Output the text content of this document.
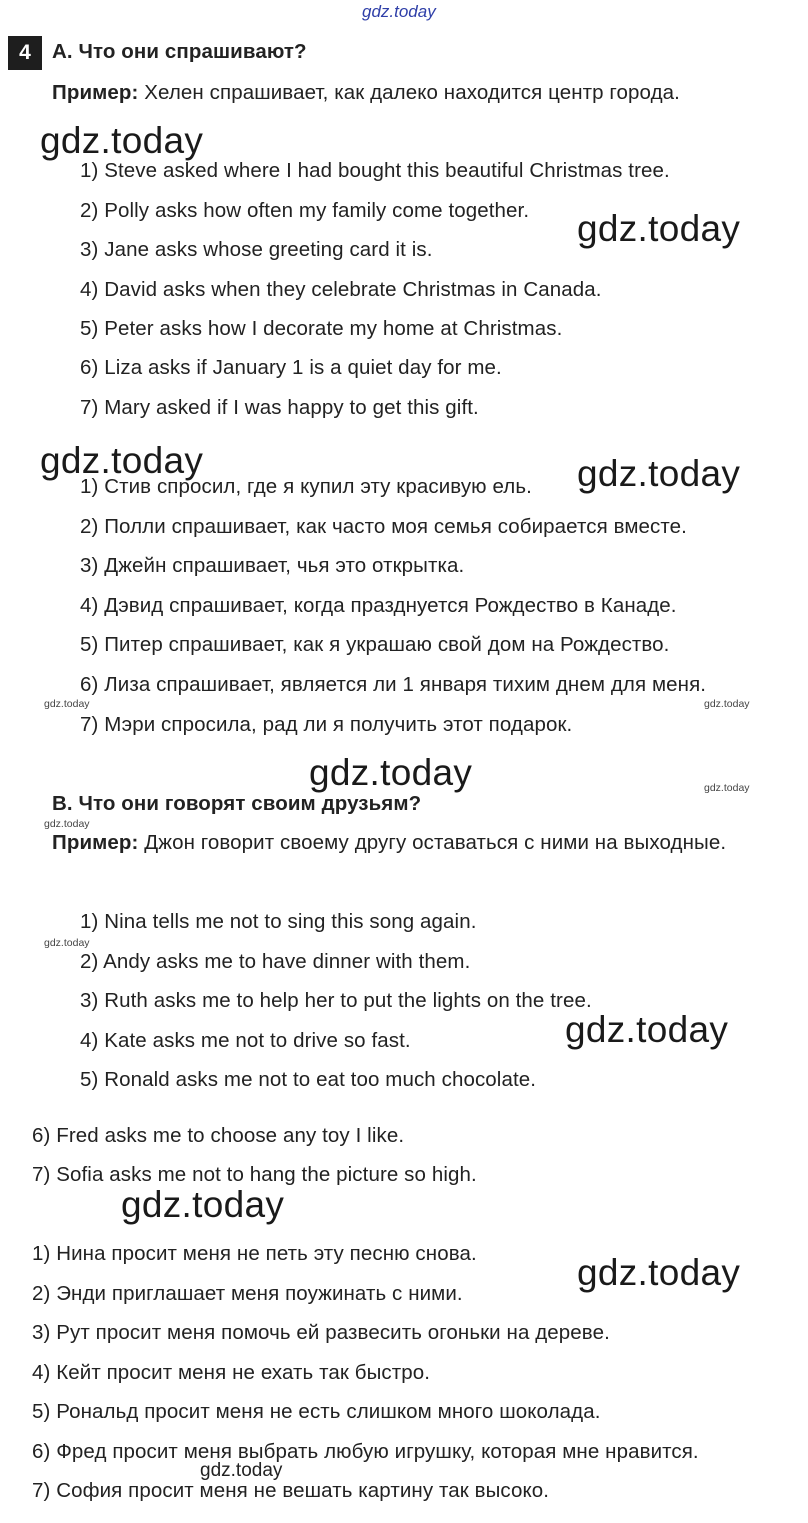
gdz.today
4	A. Что они спрашивают?
Пример: Хелен спрашивает, как далеко находится центр города.
1) Steve asked where I had bought this beautiful Christmas tree.
2) Polly asks how often my family come together.
3) Jane asks whose greeting card it is.
4) David asks when they celebrate Christmas in Canada.
5) Peter asks how I decorate my home at Christmas.
6) Liza asks if January 1 is a quiet day for me.
7) Mary asked if I was happy to get this gift.
1) Стив спросил, где я купил эту красивую ель.
2) Полли спрашивает, как часто моя семья собирается вместе.
3) Джейн спрашивает, чья это открытка.
4) Дэвид спрашивает, когда празднуется Рождество в Канаде.
5) Питер спрашивает, как я украшаю свой дом на Рождество.
6) Лиза спрашивает, является ли 1 января тихим днем для меня.
7) Мэри спросила, рад ли я получить этот подарок.
B. Что они говорят своим друзьям?
Пример: Джон говорит своему другу оставаться с ними на выходные.
1) Nina tells me not to sing this song again.
2) Andy asks me to have dinner with them.
3) Ruth asks me to help her to put the lights on the tree.
4) Kate asks me not to drive so fast.
5) Ronald asks me not to eat too much chocolate.
6) Fred asks me to choose any toy I like.
7) Sofia asks me not to hang the picture so high.
1) Нина просит меня не петь эту песню снова.
2) Энди приглашает меня поужинать с ними.
3) Рут просит меня помочь ей развесить огоньки на дереве.
4) Кейт просит меня не ехать так быстро.
5) Рональд просит меня не есть слишком много шоколада.
6) Фред просит меня выбрать любую игрушку, которая мне нравится.
7) София просит меня не вешать картину так высоко.
gdz.today
gdz.today
gdz.today	gdz.today
gdz.today
gdz.today
gdz.today
gdz.today
gdz.today	gdz.today
gdz.today
gdz.today
gdz.today
gdz.today
